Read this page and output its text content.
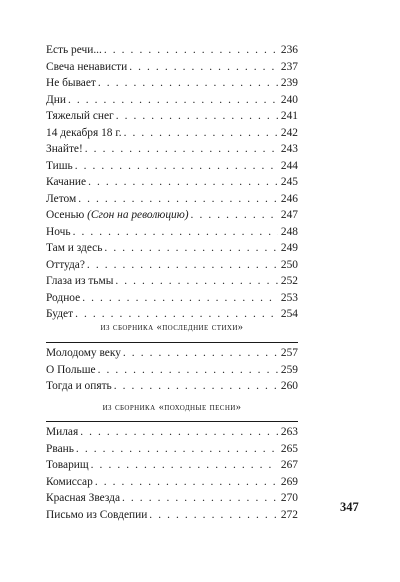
Есть речи... . . .	236
Свеча ненависти . . .	237
Не бывает . . .	239
Дни . . .	240
Тяжелый снег . . .	241
14 декабря 18 г. . . .	242
Знайте! . . .	243
Тишь . . .	244
Качание . . .	245
Летом . . .	246
Осенью (Сгон на революцию) . . .	247
Ночь . . .	248
Там и здесь . . .	249
Оттуда? . . .	250
Глаза из тьмы . . .	252
Родное . . .	253
Будет . . .	254
из сборника «последние стихи»
Молодому веку . . .	257
О Польше . . .	259
Тогда и опять . . .	260
из сборника «походные песни»
Милая . . .	263
Рвань . . .	265
Товарищ . . .	267
Комиссар . . .	269
Красная Звезда . . .	270
Письмо из Совдепии . . .	272
347
